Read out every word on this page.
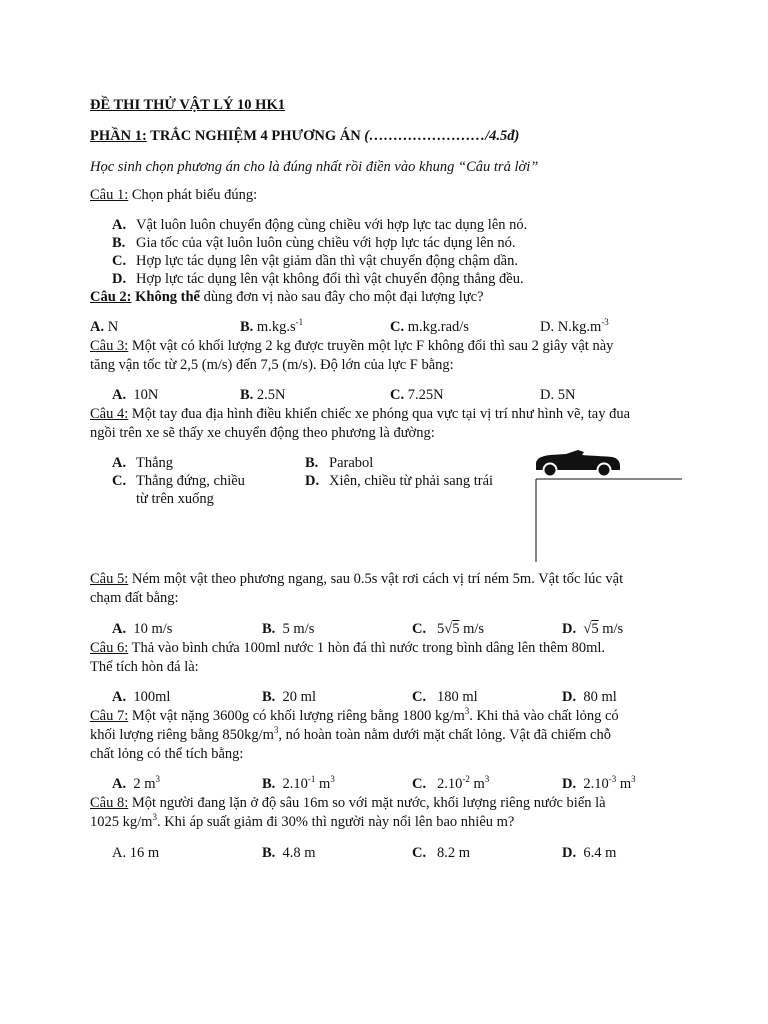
ĐỀ THI THỬ VẬT LÝ 10 HK1
PHẦN 1: TRẮC NGHIỆM 4 PHƯƠNG ÁN (……………………/4.5đ)
Học sinh chọn phương án cho là đúng nhất rồi điền vào khung “Câu trả lời”
Câu 1: Chọn phát biểu đúng:
A. Vật luôn luôn chuyển động cùng chiều với hợp lực tac dụng lên nó.
B. Gia tốc của vật luôn luôn cùng chiều với hợp lực tác dụng lên nó.
C. Hợp lực tác dụng lên vật giảm dần thì vật chuyển động chậm dần.
D. Hợp lực tác dụng lên vật không đổi thì vật chuyển động thẳng đều.
Câu 2: Không thể dùng đơn vị nào sau đây cho một đại lượng lực?
A. N	B. $m.kg.s^{-1}$	C. m.kg.rad/s	D. $N.kg.m^{-3}$
Câu 3: Một vật có khối lượng 2 kg được truyền một lực F không đổi thì sau 2 giây vật này
tăng vận tốc từ 2,5 (m/s) đến 7,5 (m/s). Độ lớn của lực F bằng:
A. 10N	B. 2.5N	C. 7.25N	D. 5N
Câu 4: Một tay đua địa hình điều khiển chiếc xe phóng qua vực tại vị trí như hình vẽ, tay đua
ngồi trên xe sẽ thấy xe chuyển động theo phương là đường:
A. Thẳng	B. Parabol
C. Thẳng đứng, chiều
từ trên xuống
D. Xiên, chiều từ phải sang trái
Câu 5: Ném một vật theo phương ngang, sau 0.5s vật rơi cách vị trí ném 5m. Vật tốc lúc vật
chạm đất bằng:
A. 10 m/s	B. 5 m/s	C. 5√5 m/s	D.  √5 m/s
Câu 6: Thả vào bình chứa 100ml nước 1 hòn đá thì nước trong bình dâng lên thêm 80ml.
Thể tích hòn đá là:
A. 100ml	B. 20 ml	C. 180 ml	D. 80 ml
Câu 7: Một vật nặng 3600g có khối lượng riêng bằng 1800 $kg/m^3$. Khi thả vào chất lỏng có
khối lượng riêng bằng $850kg/m^3$, nó hoàn toàn nằm dưới mặt chất lỏng. Vật đã chiếm chỗ
chất lỏng có thể tích bằng:
A. 2 $m^3$	B. $2.10^{-1}$ $m^3$	C. $2.10^{-2}$ $m^3$	D. $2.10^{-3}$ $m^3$
Câu 8: Một người đang lặn ở độ sâu 16m so với mặt nước, khối lượng riêng nước biển là
1025 $kg/m^3$. Khi áp suất giảm đi 30% thì người này nổi lên bao nhiêu m?
A. 16 m	B. 4.8 m	C. 8.2 m	D. 6.4 m
